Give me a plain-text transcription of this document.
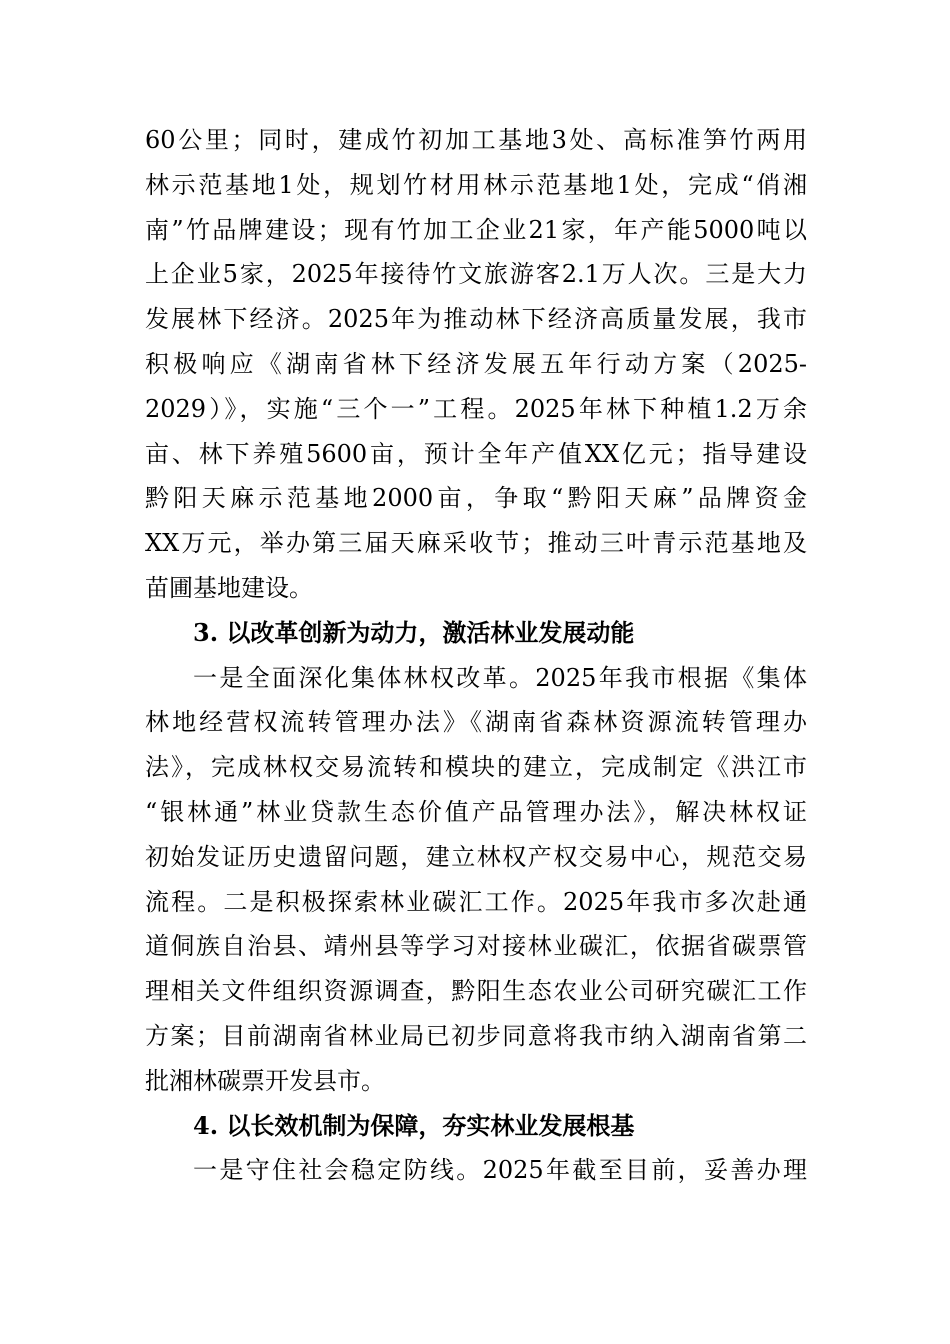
60公里；同时，建成竹初加工基地3处、高标准笋竹两用
林示范基地1处，规划竹材用林示范基地1处，完成“俏湘
南”竹品牌建设；现有竹加工企业21家，年产能5000吨以
上企业5家，2025年接待竹文旅游客2.1万人次。三是大力
发展林下经济。2025年为推动林下经济高质量发展，我市
积极响应《湖南省林下经济发展五年行动方案（2025-
2029）》，实施“三个一”工程。2025年林下种植1.2万余
亩、林下养殖5600亩，预计全年产值XX亿元；指导建设
黔阳天麻示范基地2000亩，争取“黔阳天麻”品牌资金
XX万元，举办第三届天麻采收节；推动三叶青示范基地及
苗圃基地建设。
3. 以改革创新为动力，激活林业发展动能
一是全面深化集体林权改革。2025年我市根据《集体
林地经营权流转管理办法》《湖南省森林资源流转管理办
法》，完成林权交易流转和模块的建立，完成制定《洪江市
“银林通”林业贷款生态价值产品管理办法》，解决林权证
初始发证历史遗留问题，建立林权产权交易中心，规范交易
流程。二是积极探索林业碳汇工作。2025年我市多次赴通
道侗族自治县、靖州县等学习对接林业碳汇，依据省碳票管
理相关文件组织资源调查，黔阳生态农业公司研究碳汇工作
方案；目前湖南省林业局已初步同意将我市纳入湖南省第二
批湘林碳票开发县市。
4. 以长效机制为保障，夯实林业发展根基
一是守住社会稳定防线。2025年截至目前，妥善办理
